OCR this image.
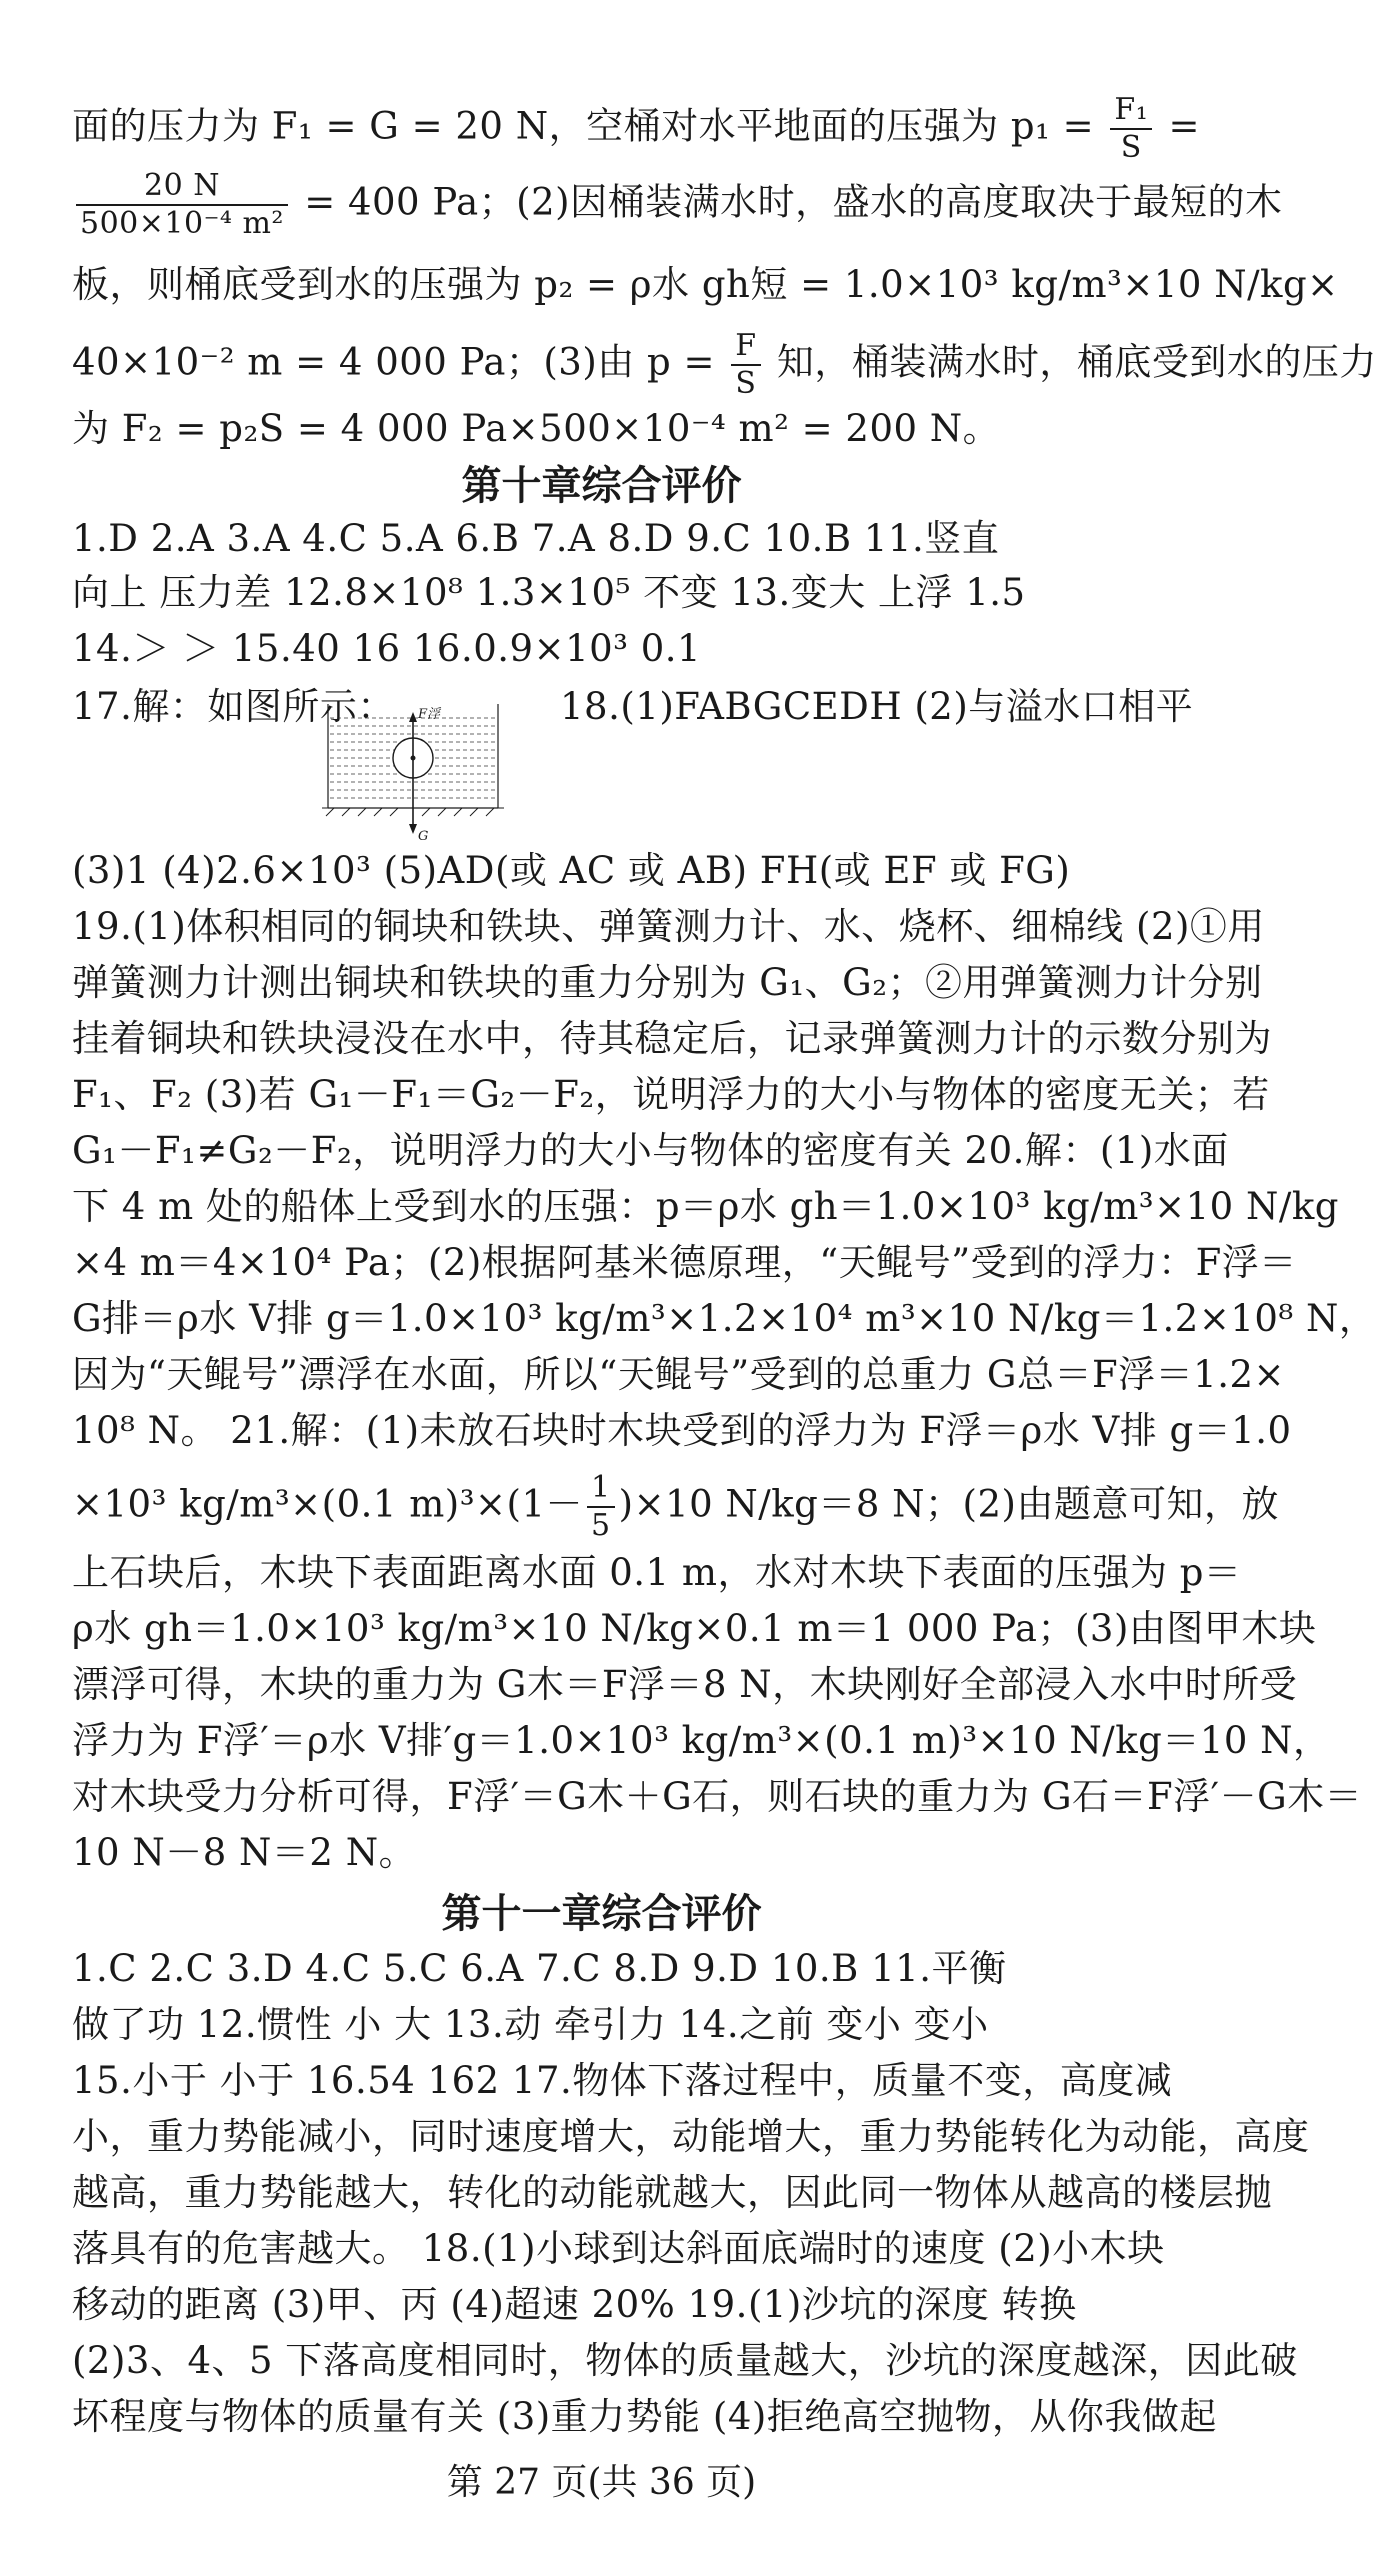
面的压力为 F₁ = G = 20 N，空桶对水平地面的压强为 $p_1 = \frac{\text{F₁}}{S}$ =
$\frac{20 N}{\text{500×10⁻⁴ m²}} = 400$ Pa；(2)因桶装满水时，盛水的高度取决于最短的木
板，则桶底受到水的压强为 p₂ = ρ水 gh短 = 1.0×10³ kg/m³×10 N/kg×
40×10⁻² m = 4 000 Pa；(3)由 $p = \frac{F}{S}$ 知，桶装满水时，桶底受到水的压力
为 F₂ = p₂S = 4 000 Pa×500×10⁻⁴ m² = 200 N。
第十章综合评价
1.D 2.A 3.A 4.C 5.A 6.B 7.A 8.D 9.C 10.B 11.竖直
向上 压力差 12.8×10⁸ 1.3×10⁵ 不变 13.变大 上浮 1.5
14.＞ ＞ 15.40 16 16.0.9×10³ 0.1
17.解：如图所示： F浮
G
18.(1)FABGCEDH (2)与溢水口相平
(3)1 (4)2.6×10³ (5)AD(或 AC 或 AB) FH(或 EF 或 FG)
19.(1)体积相同的铜块和铁块、弹簧测力计、水、烧杯、细棉线 (2)①用
弹簧测力计测出铜块和铁块的重力分别为 G₁、G₂；②用弹簧测力计分别
挂着铜块和铁块浸没在水中，待其稳定后，记录弹簧测力计的示数分别为
F₁、F₂ (3)若 G₁－F₁＝G₂－F₂，说明浮力的大小与物体的密度无关；若
G₁－F₁≠G₂－F₂，说明浮力的大小与物体的密度有关 20.解：(1)水面
下 4 m 处的船体上受到水的压强：p＝ρ水 gh＝1.0×10³ kg/m³×10 N/kg
×4 m＝4×10⁴ Pa；(2)根据阿基米德原理，“天鲲号”受到的浮力：F浮＝
G排＝ρ水 V排 g＝1.0×10³ kg/m³×1.2×10⁴ m³×10 N/kg＝1.2×10⁸ N，
因为“天鲲号”漂浮在水面，所以“天鲲号”受到的总重力 G总＝F浮＝1.2×
10⁸ N。 21.解：(1)未放石块时木块受到的浮力为 F浮＝ρ水 V排 g＝1.0
×10³ kg/m³×(0.1 $m)^3\times(1- \frac{1}{5} )\times 10$ N/kg＝8 N；(2)由题意可知，放
上石块后，木块下表面距离水面 0.1 m，水对木块下表面的压强为 p＝
ρ水 gh＝1.0×10³ kg/m³×10 N/kg×0.1 m＝1 000 Pa；(3)由图甲木块
漂浮可得，木块的重力为 G木＝F浮＝8 N，木块刚好全部浸入水中时所受
浮力为 F浮′＝ρ水 V排′g＝1.0×10³ kg/m³×(0.1 m)³×10 N/kg＝10 N，
对木块受力分析可得，F浮′＝G木＋G石，则石块的重力为 G石＝F浮′－G木＝
10 N－8 N＝2 N。
第十一章综合评价
1.C 2.C 3.D 4.C 5.C 6.A 7.C 8.D 9.D 10.B 11.平衡
做了功 12.惯性 小 大 13.动 牵引力 14.之前 变小 变小
15.小于 小于 16.54 162 17.物体下落过程中，质量不变，高度减
小，重力势能减小，同时速度增大，动能增大，重力势能转化为动能，高度
越高，重力势能越大，转化的动能就越大，因此同一物体从越高的楼层抛
落具有的危害越大。 18.(1)小球到达斜面底端时的速度 (2)小木块
移动的距离 (3)甲、丙 (4)超速 20% 19.(1)沙坑的深度 转换
(2)3、4、5 下落高度相同时，物体的质量越大，沙坑的深度越深，因此破
坏程度与物体的质量有关 (3)重力势能 (4)拒绝高空抛物，从你我做起
第 27 页(共 36 页)
